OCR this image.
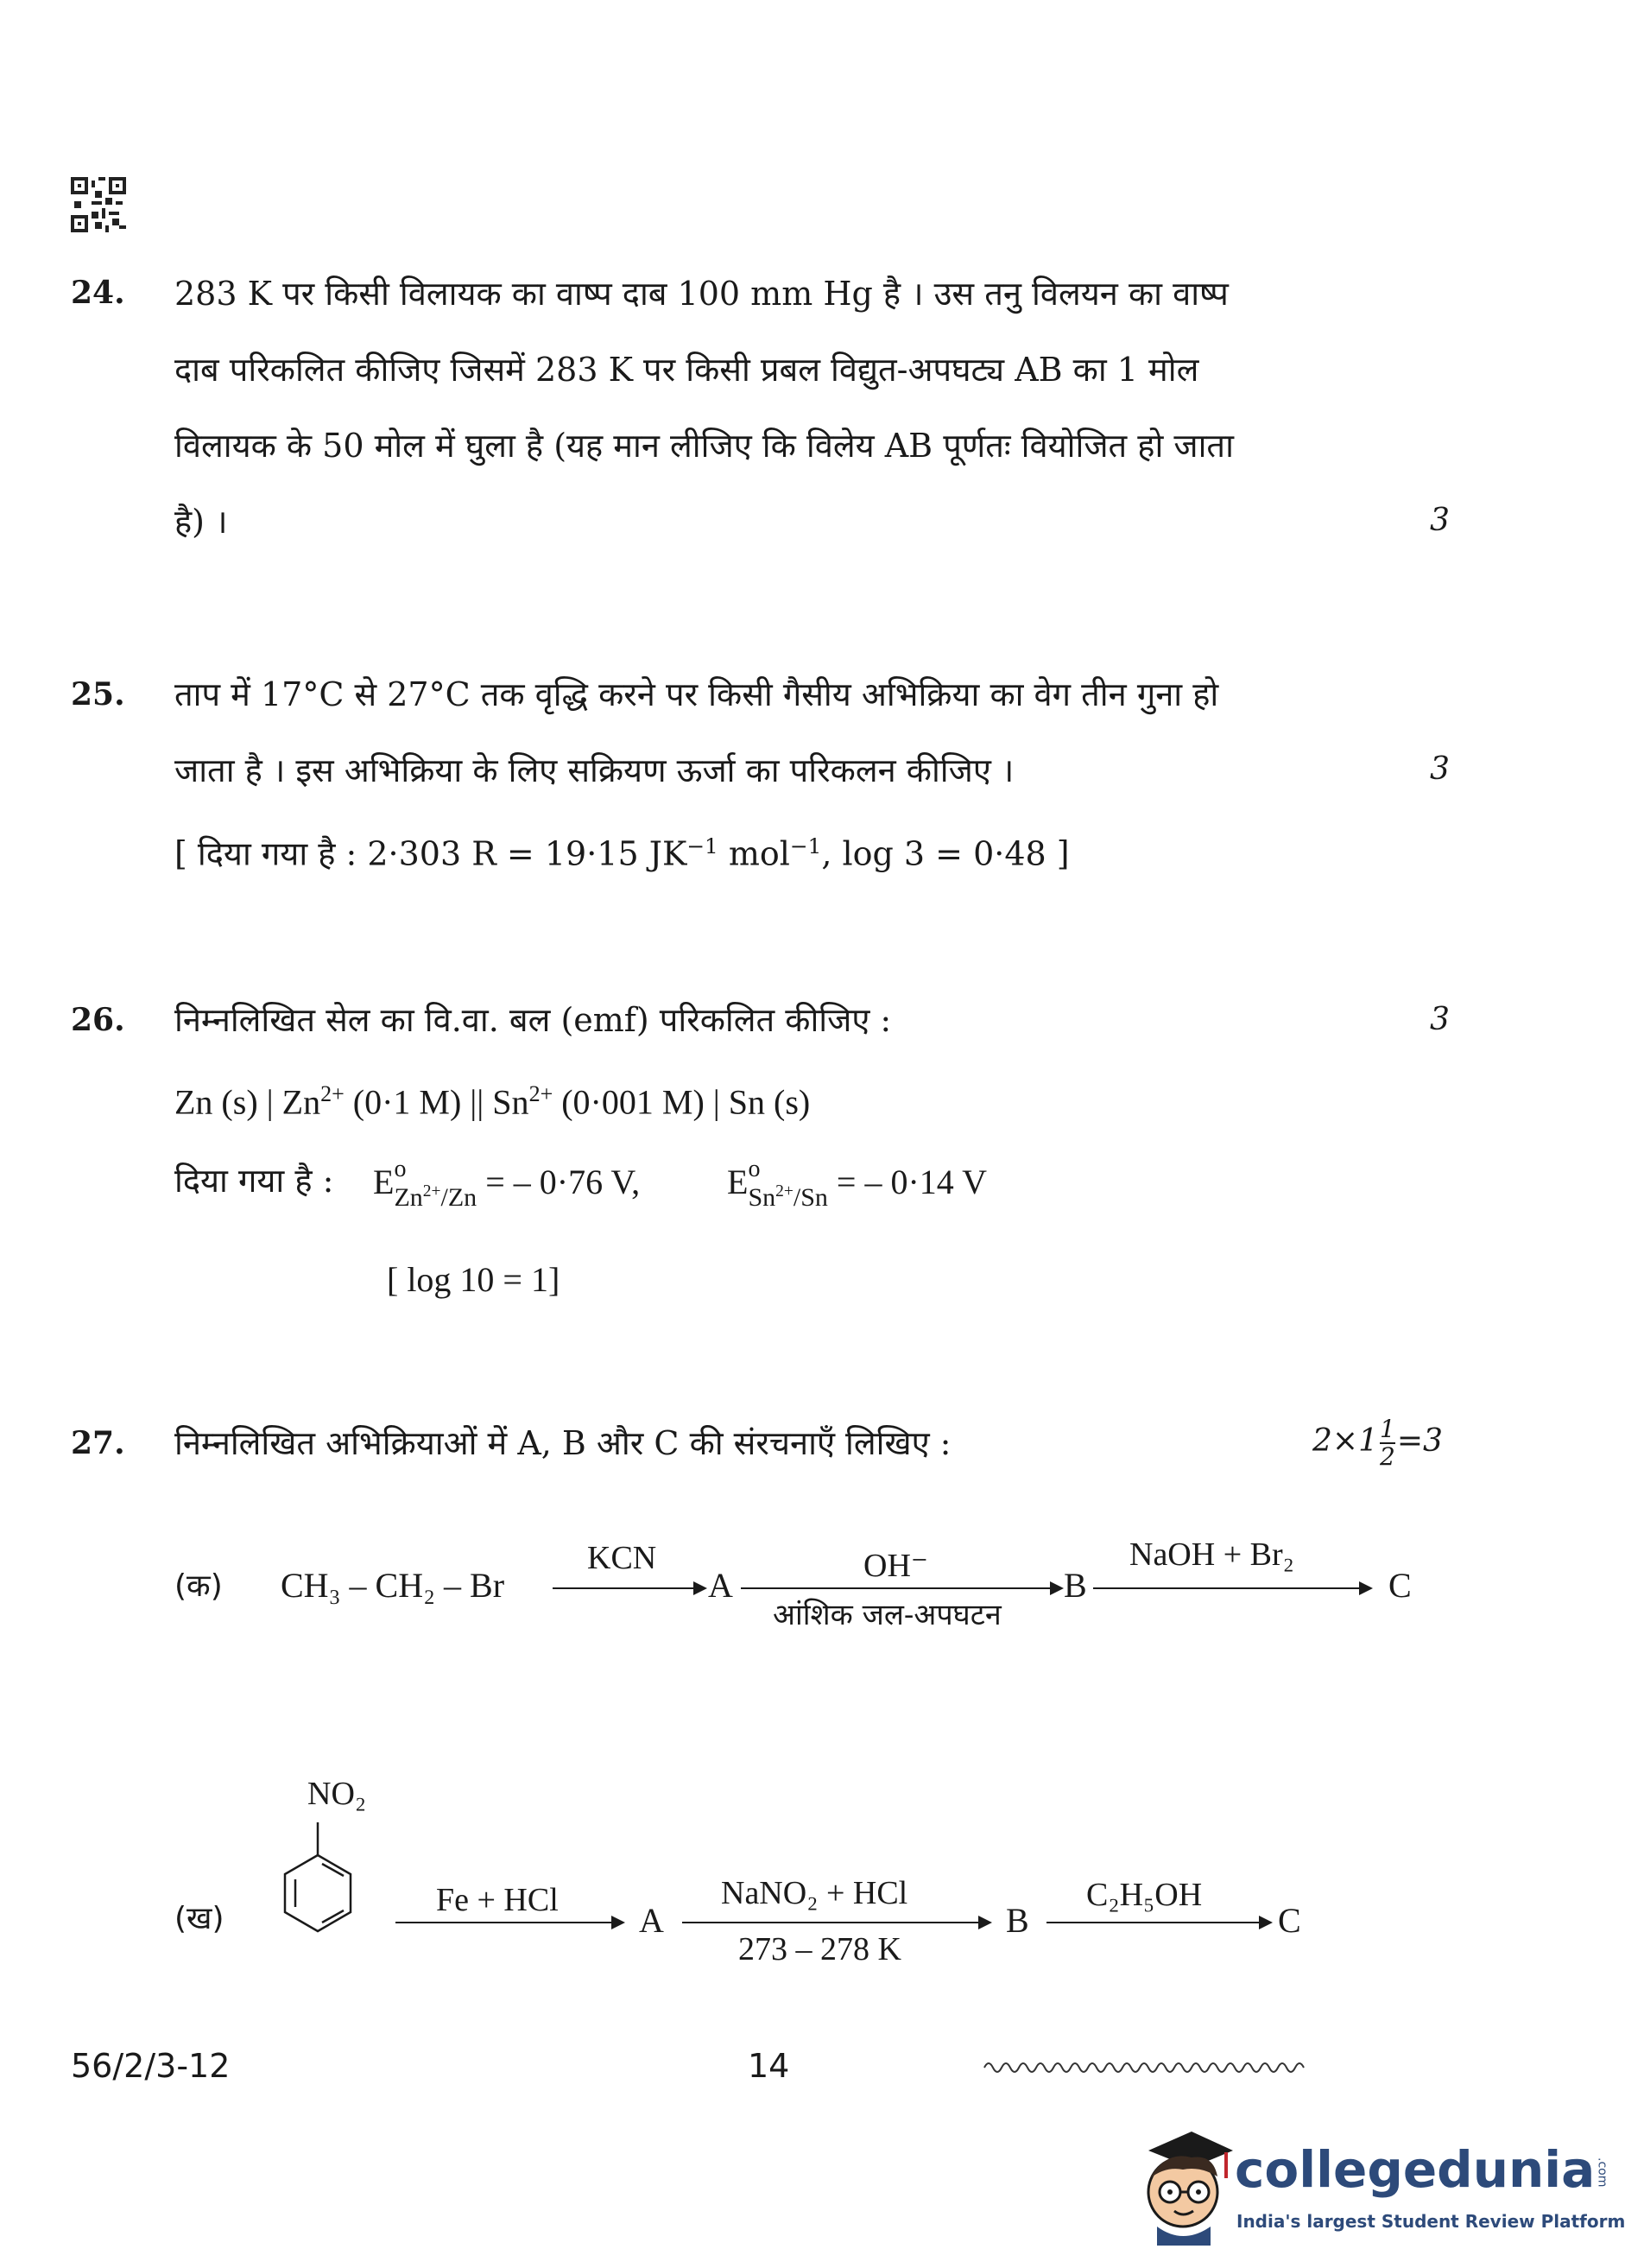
24. 283 K पर किसी विलायक का वाष्प दाब 100 mm Hg है । उस तनु विलयन का वाष्प
दाब परिकलित कीजिए जिसमें 283 K पर किसी प्रबल विद्युत-अपघट्य AB का 1 मोल
विलायक के 50 मोल में घुला है (यह मान लीजिए कि विलेय AB पूर्णतः वियोजित हो जाता
है) ।	3
25. ताप में 17°C से 27°C तक वृद्धि करने पर किसी गैसीय अभिक्रिया का वेग तीन गुना हो
जाता है । इस अभिक्रिया के लिए सक्रियण ऊर्जा का परिकलन कीजिए ।
[ दिया गया है : 2·303 R = 19·15 $JK^{-1}$ mol$^{-1}$, log 3 = 0·48 ]
3
26. निम्नलिखित सेल का वि.वा. बल (emf) परिकलित कीजिए :	3
Zn (s) | $Zn^{2+}$ (0·1 M) || $Sn^{2+}$ (0·001 M) | Sn (s)
दिया गया है : $E^o_{Zn^{2+}/Zn}$ = – 0·76 V,	$E^o_{Sn^{2+}/Sn}$ = – 0·14 V
[ log 10 = 1]
27. निम्नलिखित अभिक्रियाओं में A, B और C की संरचनाएँ लिखिए :	$2\times 1 \frac{1}{2} =3$
(क) CH₃ – CH₂ – Br
KCN
A	OH⁻
आंशिक जल-अपघटन
B
NaOH + Br₂
C
(ख)
NO₂
Fe + HCl
A
NaNO₂ + HCl
273 – 278 K
B
C₂H₅OH
C
56/2/3-12	14
collegedunia.com
India's largest Student Review Platform
